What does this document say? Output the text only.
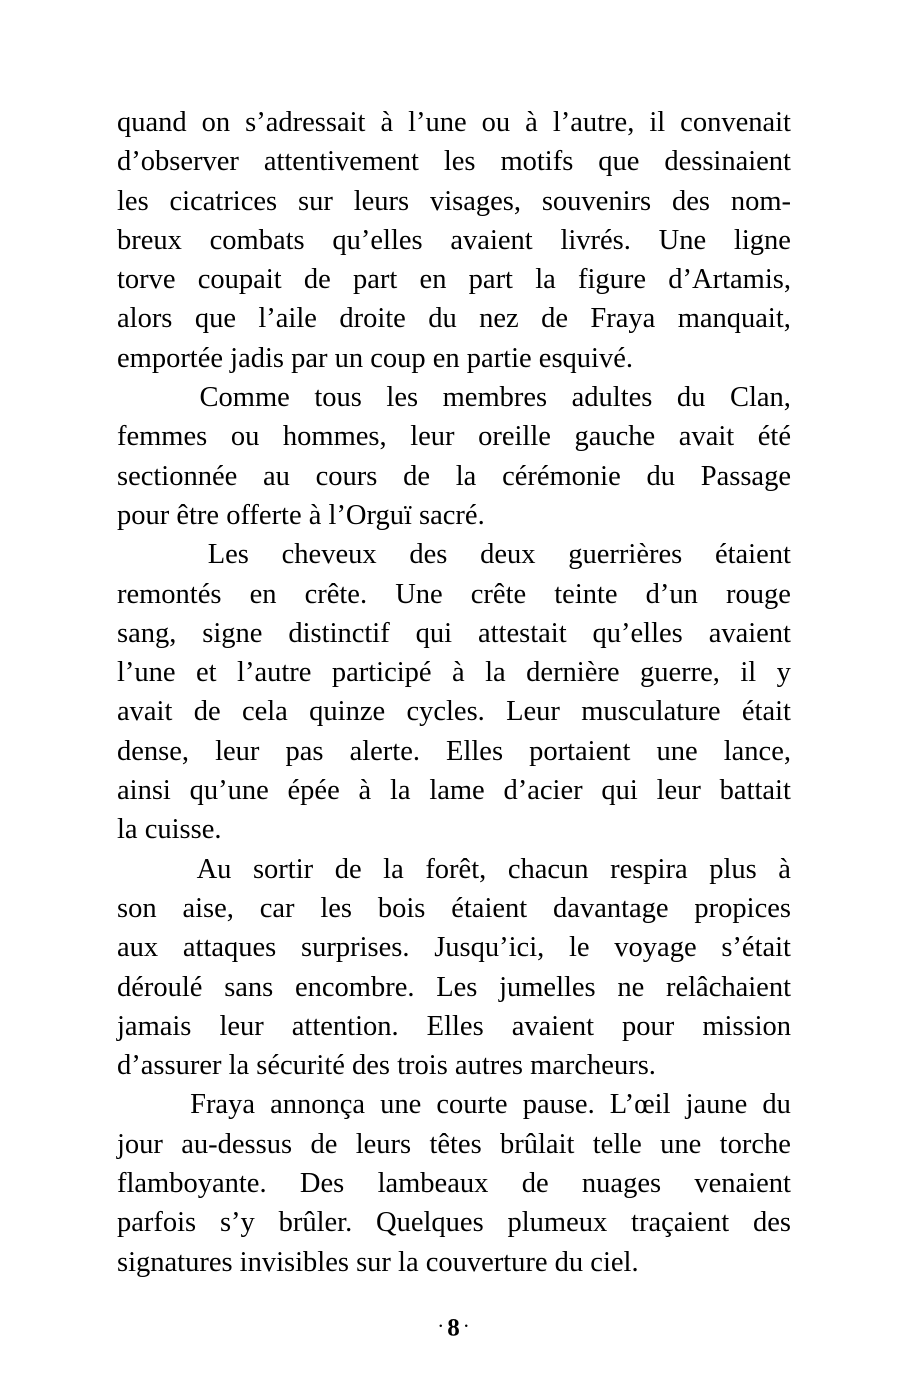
quand on s’adressait à l’une ou à l’autre, il convenait
d’observer attentivement les motifs que dessinaient
les cicatrices sur leurs visages, souvenirs des nom-
breux combats qu’elles avaient livrés. Une ligne
torve coupait de part en part la figure d’Artamis,
alors que l’aile droite du nez de Fraya manquait,
emportée jadis par un coup en partie esquivé.
Comme tous les membres adultes du Clan,
femmes ou hommes, leur oreille gauche avait été
sectionnée au cours de la cérémonie du Passage
pour être offerte à l’Orguï sacré.
Les cheveux des deux guerrières étaient
remontés en crête. Une crête teinte d’un rouge
sang, signe distinctif qui attestait qu’elles avaient
l’une et l’autre participé à la dernière guerre, il y
avait de cela quinze cycles. Leur musculature était
dense, leur pas alerte. Elles portaient une lance,
ainsi qu’une épée à la lame d’acier qui leur battait
la cuisse.
Au sortir de la forêt, chacun respira plus à
son aise, car les bois étaient davantage propices
aux attaques surprises. Jusqu’ici, le voyage s’était
déroulé sans encombre. Les jumelles ne relâchaient
jamais leur attention. Elles avaient pour mission
d’assurer la sécurité des trois autres marcheurs.
Fraya annonça une courte pause. L’œil jaune du
jour au-dessus de leurs têtes brûlait telle une torche
flamboyante. Des lambeaux de nuages venaient
parfois s’y brûler. Quelques plumeux traçaient des
signatures invisibles sur la couverture du ciel.
·8·
